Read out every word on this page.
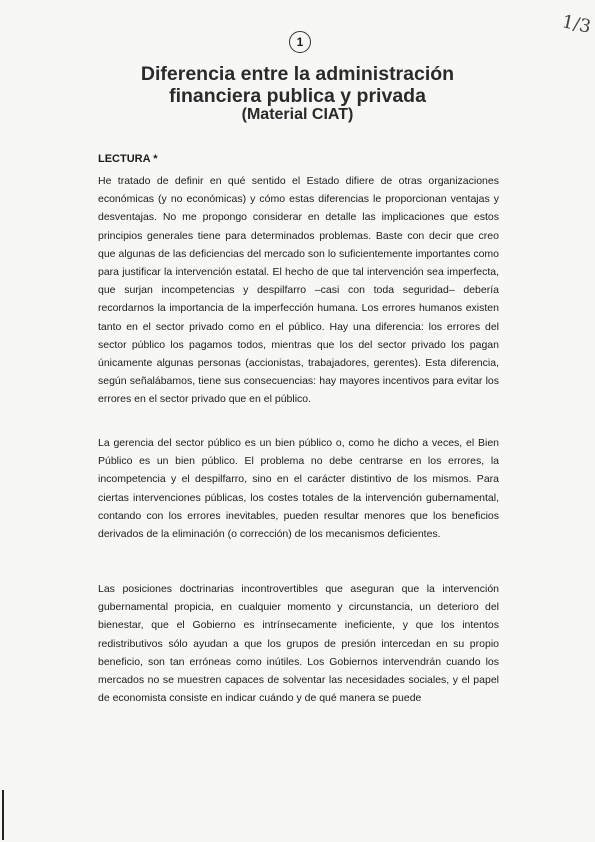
1
1/3
Diferencia entre la administración financiera publica y privada
(Material CIAT)
LECTURA *

He tratado de definir en qué sentido el Estado difiere de otras organizaciones económicas (y no económicas) y cómo estas diferencias le proporcionan ventajas y desventajas. No me propongo considerar en detalle las implicaciones que estos principios generales tiene para determinados problemas. Baste con decir que creo que algunas de las deficiencias del mercado son lo suficientemente importantes como para justificar la intervención estatal. El hecho de que tal intervención sea imperfecta, que surjan incompetencias y despilfarro –casi con toda seguridad– debería recordarnos la importancia de la imperfección humana. Los errores humanos existen tanto en el sector privado como en el público. Hay una diferencia: los errores del sector público los pagamos todos, mientras que los del sector privado los pagan únicamente algunas personas (accionistas, trabajadores, gerentes). Esta diferencia, según señalábamos, tiene sus consecuencias: hay mayores incentivos para evitar los errores en el sector privado que en el público.

La gerencia del sector público es un bien público o, como he dicho a veces, el Bien Público es un bien público. El problema no debe centrarse en los errores, la incompetencia y el despilfarro, sino en el carácter distintivo de los mismos. Para ciertas intervenciones públicas, los costes totales de la intervención gubernamental, contando con los errores inevitables, pueden resultar menores que los beneficios derivados de la eliminación (o corrección) de los mecanismos deficientes.

Las posiciones doctrinarias incontrovertibles que aseguran que la intervención gubernamental propicia, en cualquier momento y circunstancia, un deterioro del bienestar, que el Gobierno es intrínsecamente ineficiente, y que los intentos redistributivos sólo ayudan a que los grupos de presión intercedan en su propio beneficio, son tan erróneas como inútiles. Los Gobiernos intervendrán cuando los mercados no se muestren capaces de solventar las necesidades sociales, y el papel de economista consiste en indicar cuándo y de qué manera se puede
